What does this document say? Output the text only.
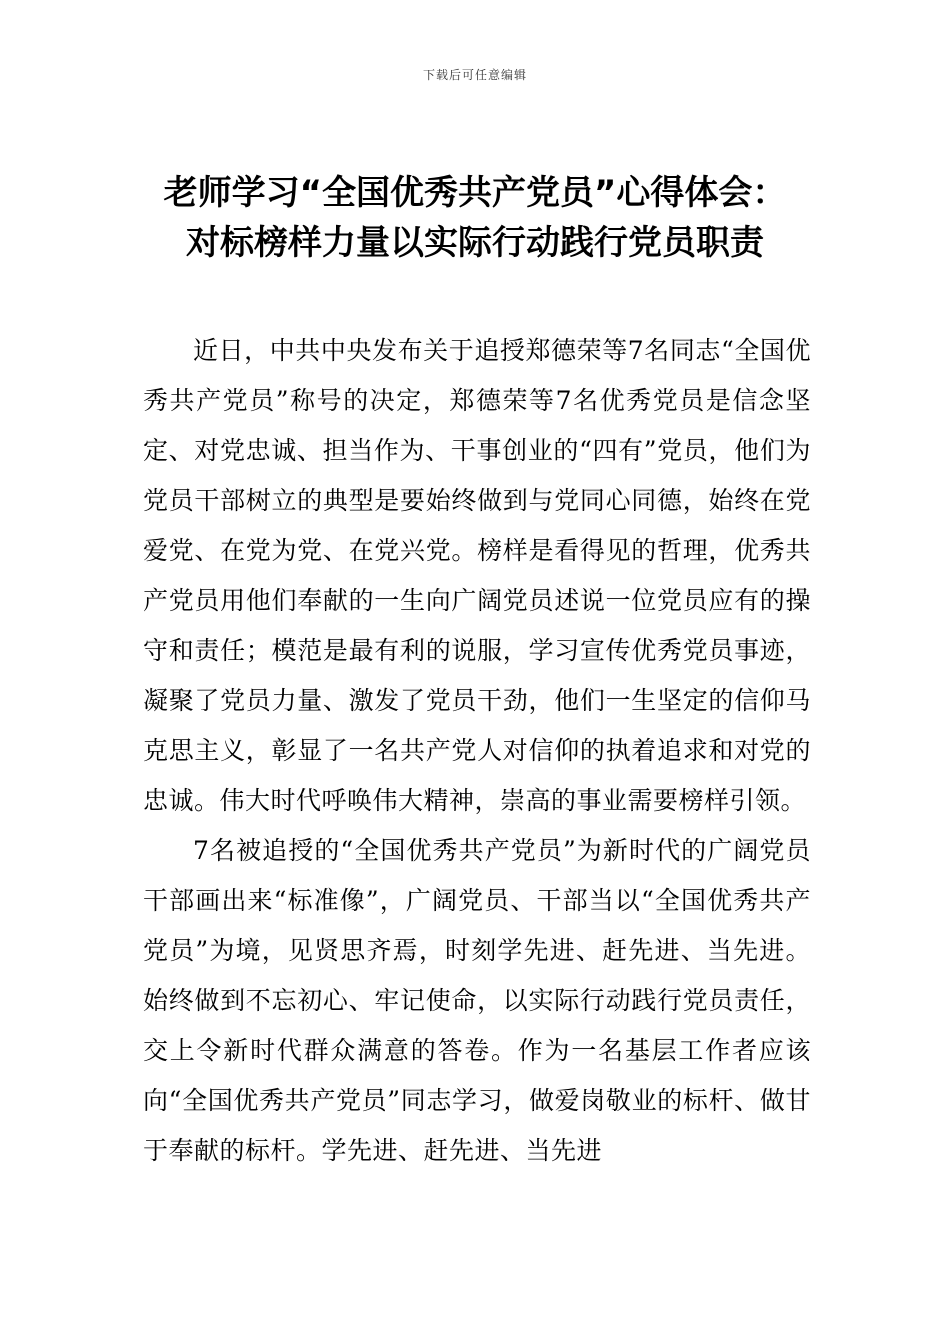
下载后可任意编辑
老师学习“全国优秀共产党员”心得体会：
对标榜样力量以实际行动践行党员职责

近日，中共中央发布关于追授郑德荣等7名同志“全国优秀共产党员”称号的决定，郑德荣等7名优秀党员是信念坚定、对党忠诚、担当作为、干事创业的“四有”党员，他们为党员干部树立的典型是要始终做到与党同心同德，始终在党爱党、在党为党、在党兴党。榜样是看得见的哲理，优秀共产党员用他们奉献的一生向广阔党员述说一位党员应有的操守和责任；模范是最有利的说服，学习宣传优秀党员事迹，凝聚了党员力量、激发了党员干劲，他们一生坚定的信仰马克思主义，彰显了一名共产党人对信仰的执着追求和对党的忠诚。伟大时代呼唤伟大精神，崇高的事业需要榜样引领。

7名被追授的“全国优秀共产党员”为新时代的广阔党员干部画出来“标准像”，广阔党员、干部当以“全国优秀共产党员”为境，见贤思齐焉，时刻学先进、赶先进、当先进。始终做到不忘初心、牢记使命，以实际行动践行党员责任，交上令新时代群众满意的答卷。作为一名基层工作者应该向“全国优秀共产党员”同志学习，做爱岗敬业的标杆、做甘于奉献的标杆。学先进、赶先进、当先进
